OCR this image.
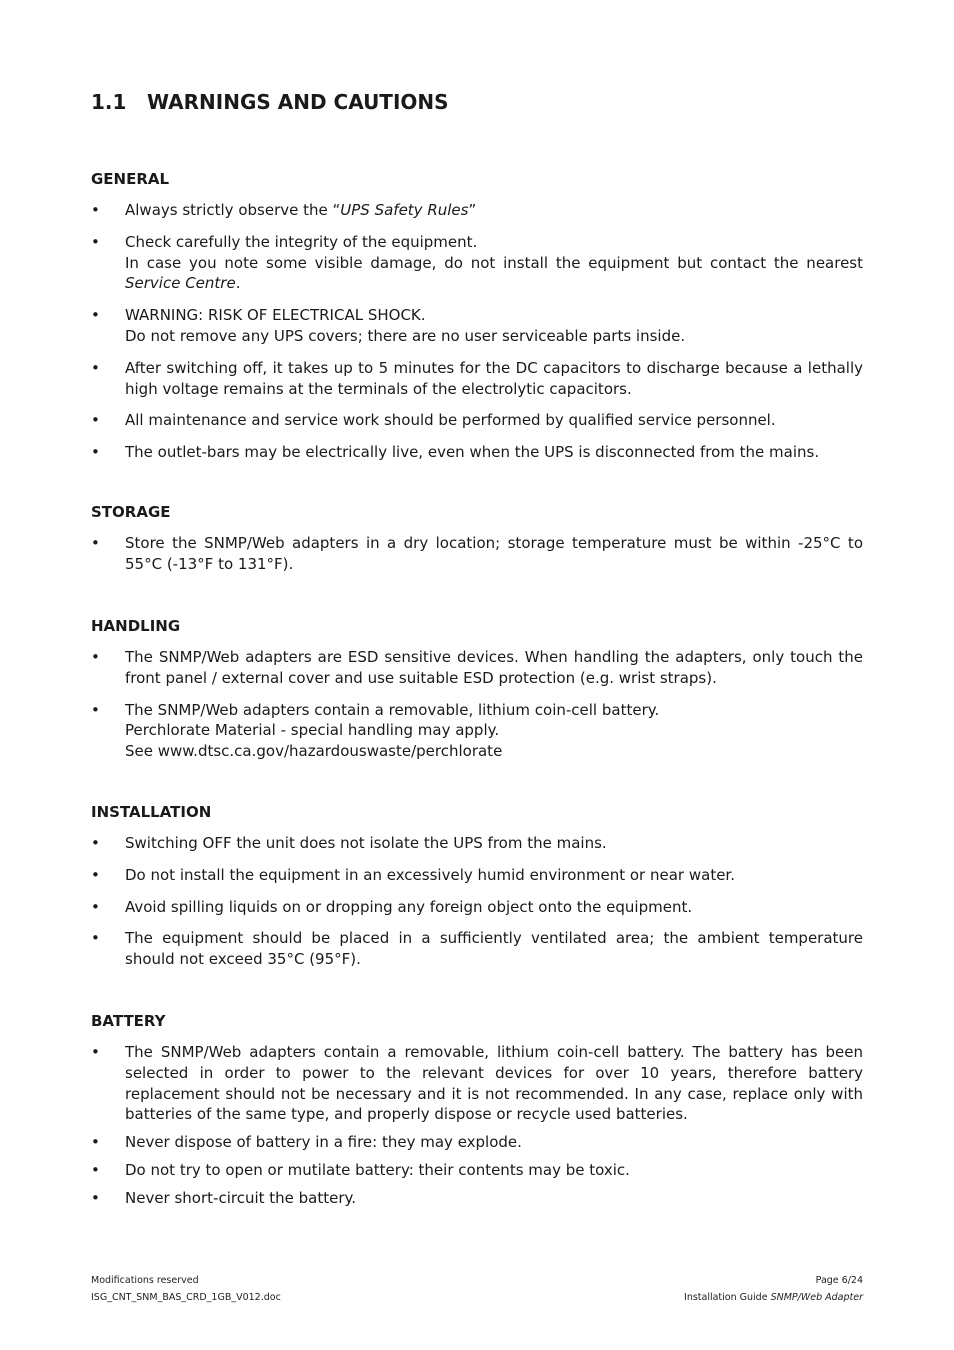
1.1 WARNINGS AND CAUTIONS
GENERAL
• Always strictly observe the “UPS Safety Rules”
• Check carefully the integrity of the equipment.
In case you note some visible damage, do not install the equipment but contact the nearest Service Centre.
• WARNING: RISK OF ELECTRICAL SHOCK.
Do not remove any UPS covers; there are no user serviceable parts inside.
• After switching off, it takes up to 5 minutes for the DC capacitors to discharge because a lethally high voltage remains at the terminals of the electrolytic capacitors.
• All maintenance and service work should be performed by qualified service personnel.
• The outlet-bars may be electrically live, even when the UPS is disconnected from the mains.
STORAGE
• Store the SNMP/Web adapters in a dry location; storage temperature must be within -25°C to 55°C (-13°F to 131°F).
HANDLING
• The SNMP/Web adapters are ESD sensitive devices. When handling the adapters, only touch the front panel / external cover and use suitable ESD protection (e.g. wrist straps).
• The SNMP/Web adapters contain a removable, lithium coin-cell battery.
Perchlorate Material - special handling may apply.
See www.dtsc.ca.gov/hazardouswaste/perchlorate
INSTALLATION
• Switching OFF the unit does not isolate the UPS from the mains.
• Do not install the equipment in an excessively humid environment or near water.
• Avoid spilling liquids on or dropping any foreign object onto the equipment.
• The equipment should be placed in a sufficiently ventilated area; the ambient temperature should not exceed 35°C (95°F).
BATTERY
• The SNMP/Web adapters contain a removable, lithium coin-cell battery. The battery has been selected in order to power to the relevant devices for over 10 years, therefore battery replacement should not be necessary and it is not recommended. In any case, replace only with batteries of the same type, and properly dispose or recycle used batteries.
• Never dispose of battery in a fire: they may explode.
• Do not try to open or mutilate battery: their contents may be toxic.
• Never short-circuit the battery.
Modifications reserved
ISG_CNT_SNM_BAS_CRD_1GB_V012.doc
Page 6/24
Installation Guide SNMP/Web Adapter
